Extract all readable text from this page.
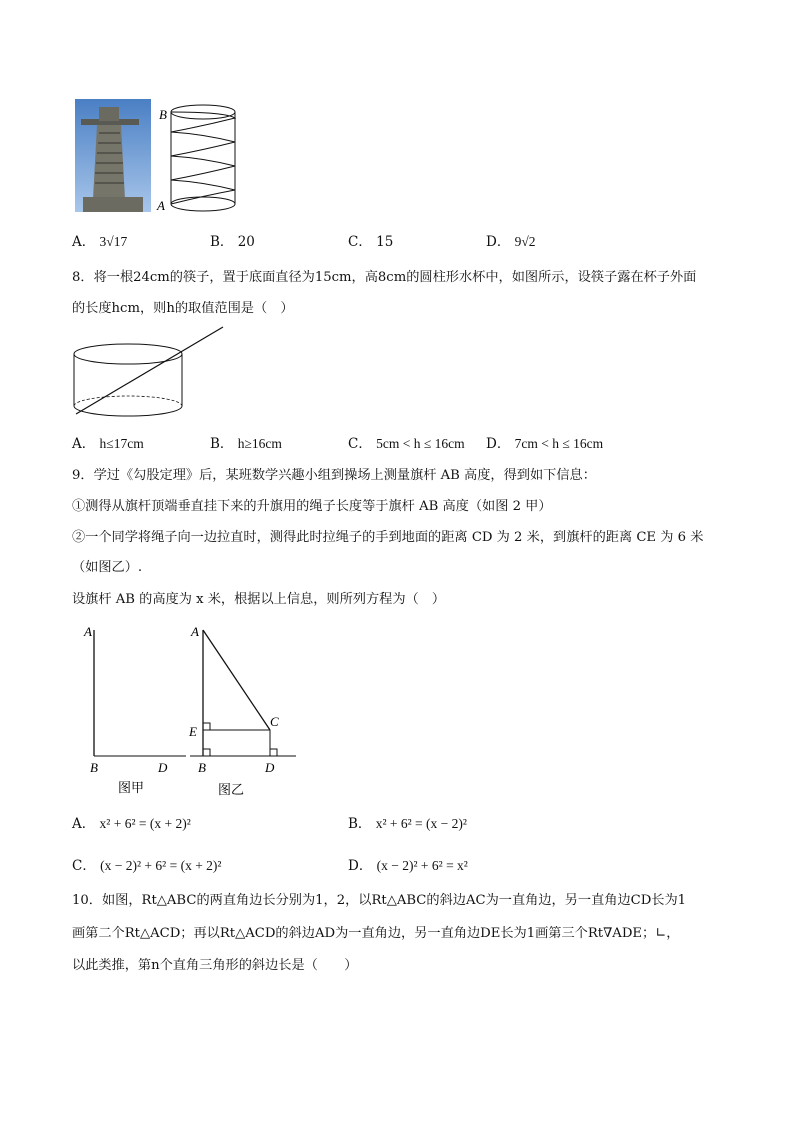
B
A
A． 3√17	B． 20	C． 15	D． 9√2
8．将一根24cm的筷子，置于底面直径为15cm，高8cm的圆柱形水杯中，如图所示，设筷子露在杯子外面
的长度hcm，则h的取值范围是（　）
A． h≤17cm	B． h≥16cm	C． 5cm < h ≤ 16cm D． 7cm < h ≤ 16cm
9．学过《勾股定理》后，某班数学兴趣小组到操场上测量旗杆 AB 高度，得到如下信息：
①测得从旗杆顶端垂直挂下来的升旗用的绳子长度等于旗杆 AB 高度（如图 2 甲）
②一个同学将绳子向一边拉直时，测得此时拉绳子的手到地面的距离 CD 为 2 米，到旗杆的距离 CE 为 6 米
（如图乙）.
设旗杆 AB 的高度为 x 米，根据以上信息，则所列方程为（　）
A
B	D
图甲
A
E
C
B	D
图乙
A． x² + 6² = (x + 2)²	B． x² + 6² = (x − 2)²
C． (x − 2)² + 6² = (x + 2)²	D． (x − 2)² + 6² = x²
10．如图，Rt△ABC的两直角边长分别为1，2，以Rt△ABC的斜边AC为一直角边，另一直角边CD长为1
画第二个Rt△ACD；再以Rt△ACD的斜边AD为一直角边，另一直角边DE长为1画第三个Rt∇ADE；∟，
以此类推，第n个直角三角形的斜边长是（　　）
